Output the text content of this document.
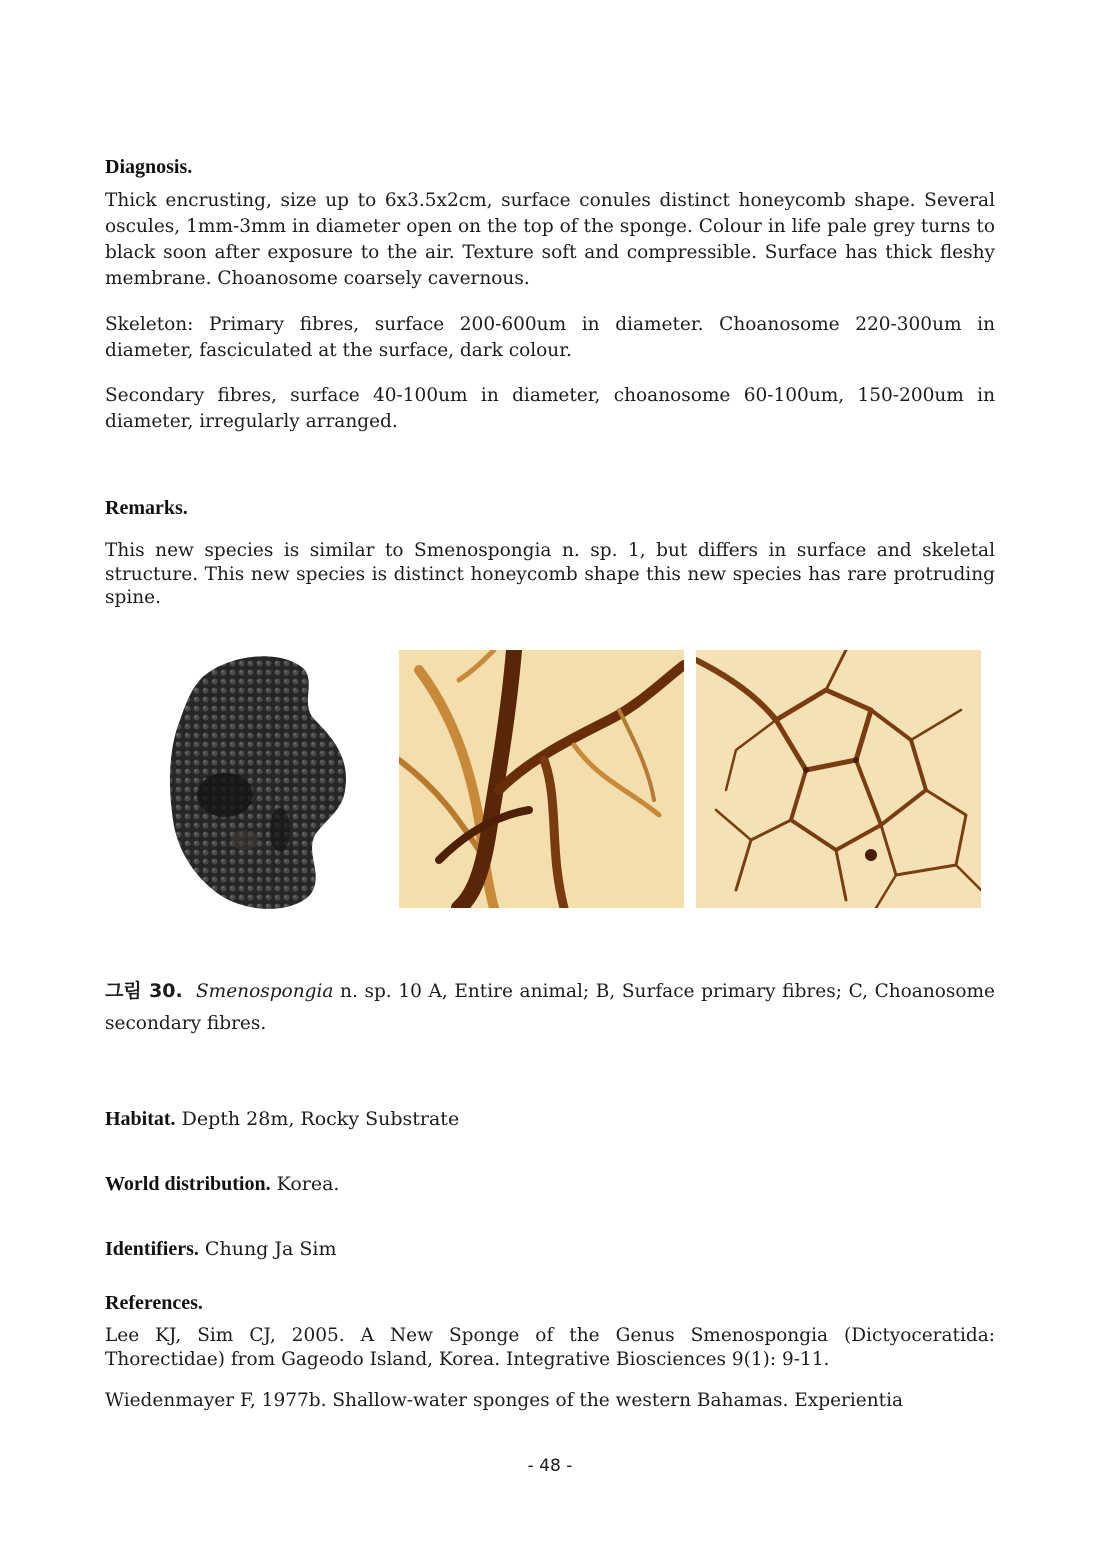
Diagnosis.

Thick encrusting, size up to 6x3.5x2cm, surface conules distinct honeycomb shape. Several oscules, 1mm-3mm in diameter open on the top of the sponge. Colour in life pale grey turns to black soon after exposure to the air. Texture soft and compressible. Surface has thick fleshy membrane. Choanosome coarsely cavernous.

Skeleton: Primary fibres, surface 200-600um in diameter. Choanosome 220-300um in diameter, fasciculated at the surface, dark colour.

Secondary fibres, surface 40-100um in diameter, choanosome 60-100um, 150-200um in diameter, irregularly arranged.

Remarks.

This new species is similar to Smenospongia n. sp. 1, but differs in surface and skeletal structure. This new species is distinct honeycomb shape this new species has rare protruding spine.

그림 30. Smenospongia n. sp. 10 A, Entire animal; B, Surface primary fibres; C, Choanosome secondary fibres.

Habitat. Depth 28m, Rocky Substrate
World distribution. Korea.
Identifiers. Chung Ja Sim
References.

Lee KJ, Sim CJ, 2005. A New Sponge of the Genus Smenospongia (Dictyoceratida: Thorectidae) from Gageodo Island, Korea. Integrative Biosciences 9(1): 9-11.

Wiedenmayer F, 1977b. Shallow-water sponges of the western Bahamas. Experientia

- 48 -
